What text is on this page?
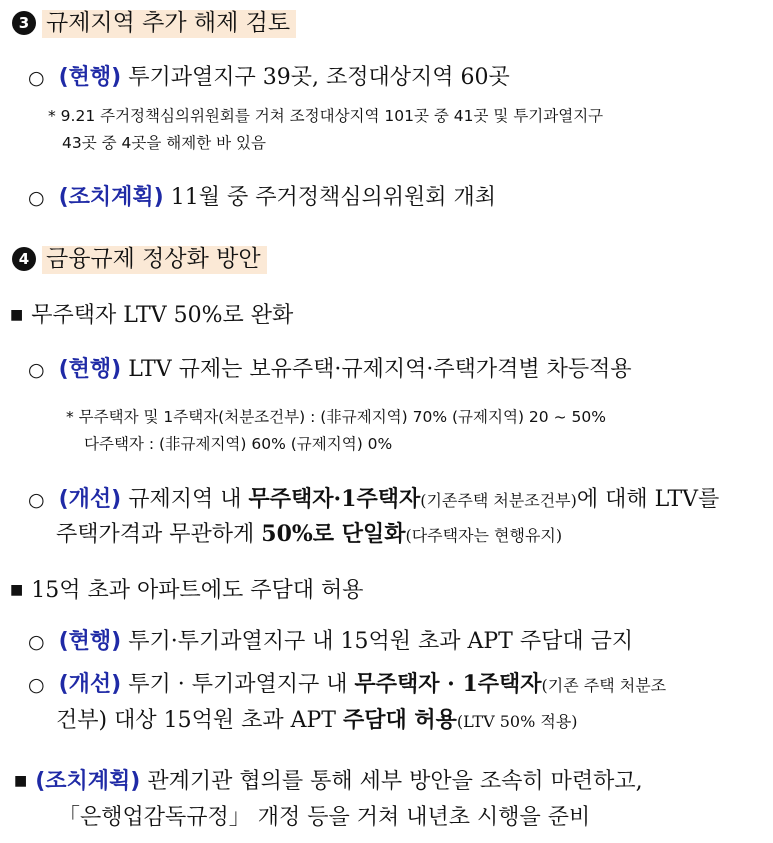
3 규제지역 추가 해제 검토
○ (현행) 투기과열지구 39곳, 조정대상지역 60곳
* 9.21 주거정책심의위원회를 거쳐 조정대상지역 101곳 중 41곳 및 투기과열지구
43곳 중 4곳을 해제한 바 있음
○ (조치계획) 11월 중 주거정책심의위원회 개최
4 금융규제 정상화 방안
■ 무주택자 LTV 50%로 완화
○ (현행) LTV 규제는 보유주택·규제지역·주택가격별 차등적용
* 무주택자 및 1주택자(처분조건부) : (非규제지역) 70% (규제지역) 20 ~ 50%
다주택자 : (非규제지역) 60% (규제지역) 0%
○ (개선) 규제지역 내 무주택자·1주택자(기존주택 처분조건부)에 대해 LTV를
주택가격과 무관하게 50%로 단일화(다주택자는 현행유지)
■ 15억 초과 아파트에도 주담대 허용
○ (현행) 투기·투기과열지구 내 15억원 초과 APT 주담대 금지
○ (개선) 투기 · 투기과열지구 내 무주택자 · 1주택자(기존 주택 처분조
건부) 대상 15억원 초과 APT 주담대 허용(LTV 50% 적용)
■ (조치계획) 관계기관 협의를 통해 세부 방안을 조속히 마련하고,
「은행업감독규정」 개정 등을 거쳐 내년초 시행을 준비
